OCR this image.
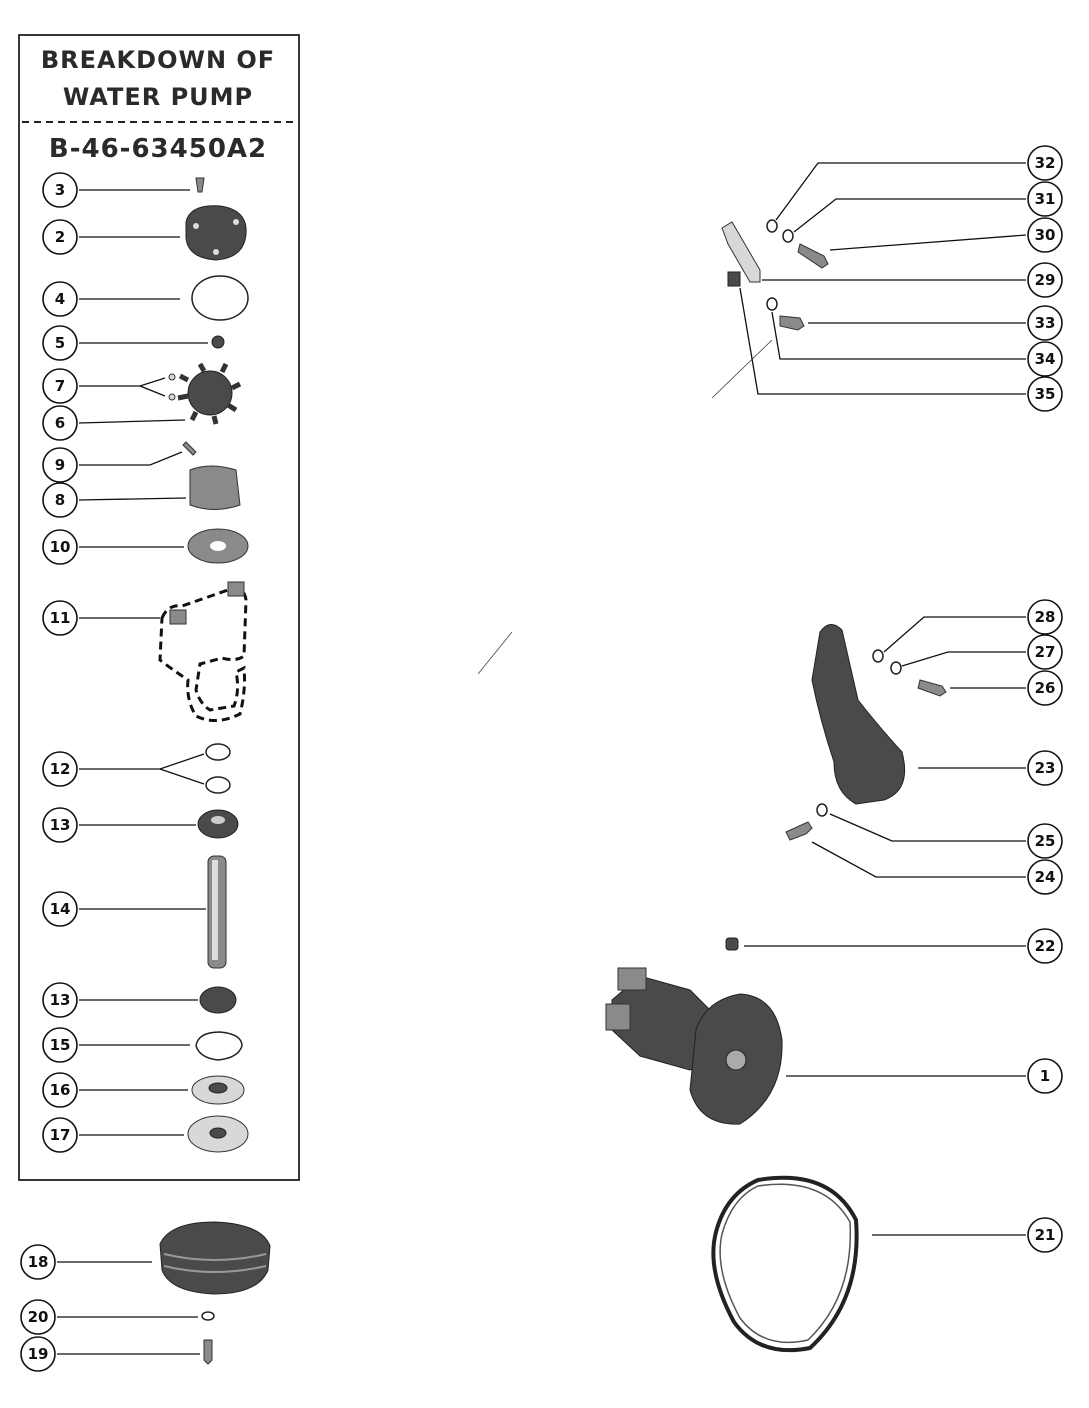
BREAKDOWN OF
WATER PUMP
B-46-63450A2
3
2
4
5
7
6
9
8
10
11
12
13
14
13
15
16
17
18
20
19
32
31
30
29
33
34
35
28
27
26
23
25
24
22
1
21
